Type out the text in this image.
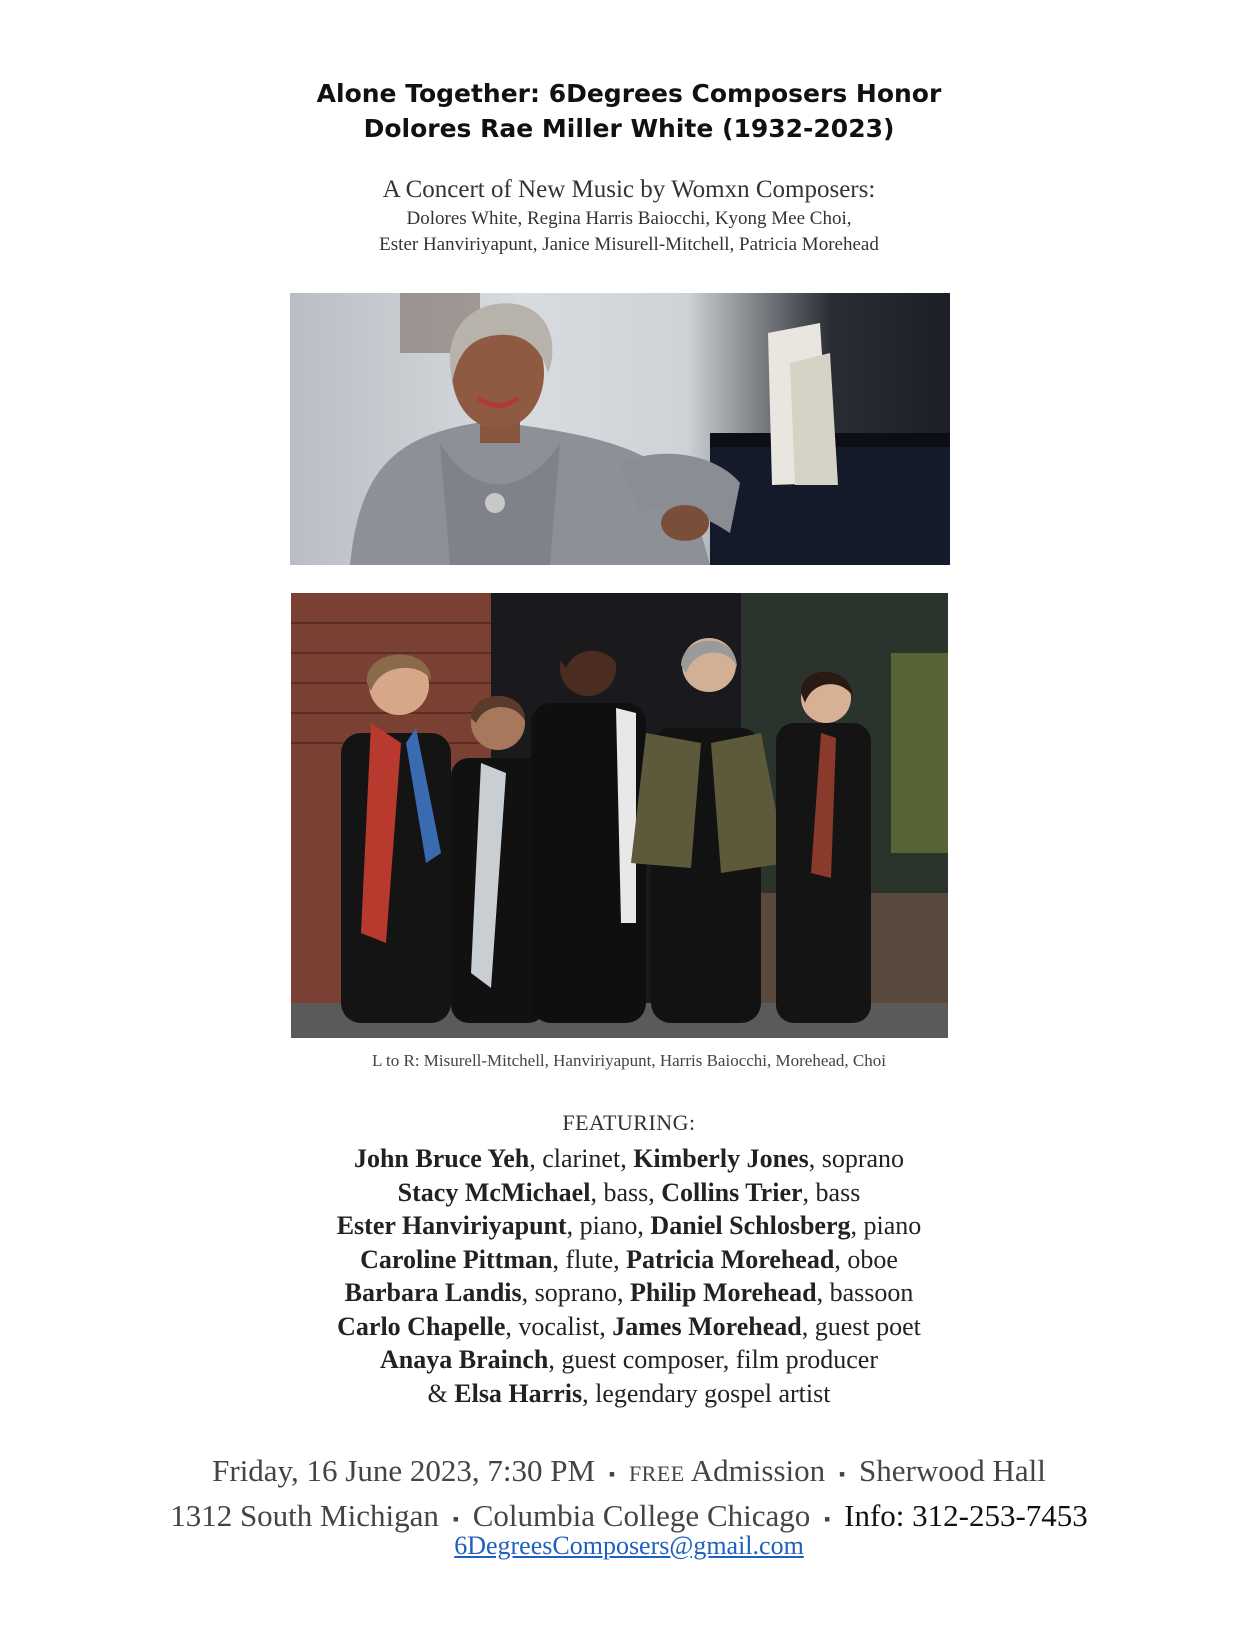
Alone Together: 6Degrees Composers Honor
Dolores Rae Miller White (1932-2023)
A Concert of New Music by Womxn Composers:
Dolores White, Regina Harris Baiocchi, Kyong Mee Choi,
Ester Hanviriyapunt, Janice Misurell-Mitchell, Patricia Morehead
L to R: Misurell-Mitchell, Hanviriyapunt, Harris Baiocchi, Morehead, Choi
FEATURING:
John Bruce Yeh, clarinet, Kimberly Jones, soprano
Stacy McMichael, bass, Collins Trier, bass
Ester Hanviriyapunt, piano, Daniel Schlosberg, piano
Caroline Pittman, flute, Patricia Morehead, oboe
Barbara Landis, soprano, Philip Morehead, bassoon
Carlo Chapelle, vocalist, James Morehead, guest poet
Anaya Brainch, guest composer, film producer
& Elsa Harris, legendary gospel artist
Friday, 16 June 2023, 7:30 PM ▪ FREE Admission ▪ Sherwood Hall
1312 South Michigan ▪ Columbia College Chicago ▪ Info: 312-253-7453
6DegreesComposers@gmail.com
